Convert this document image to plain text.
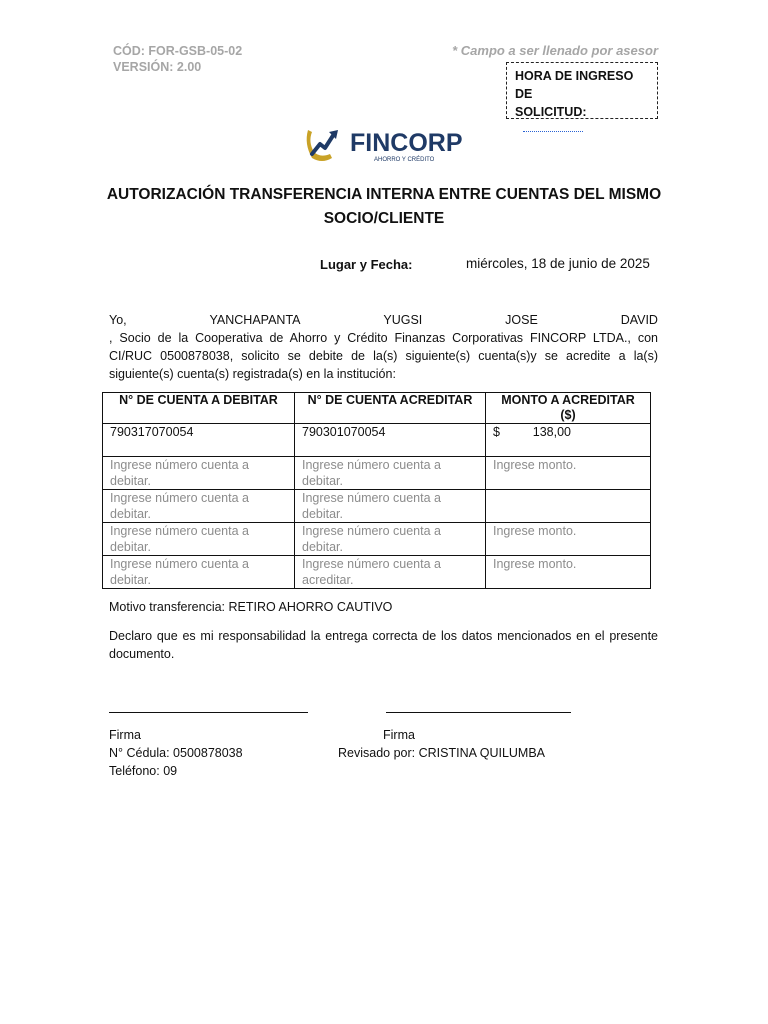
CÓD: FOR-GSB-05-02
VERSIÓN: 2.00
* Campo a ser llenado por asesor
HORA DE INGRESO DE
SOLICITUD:
FINCORP
AHORRO Y CRÉDITO
AUTORIZACIÓN TRANSFERENCIA INTERNA ENTRE CUENTAS DEL MISMO
SOCIO/CLIENTE
Lugar y Fecha:	miércoles, 18 de junio de 2025
Yo,	YANCHAPANTA	YUGSI	JOSE	DAVID
, Socio de la Cooperativa de Ahorro y Crédito Finanzas Corporativas FINCORP LTDA., con CI/RUC 0500878038, solicito se debite de la(s) siguiente(s) cuenta(s)y se acredite a la(s) siguiente(s) cuenta(s) registrada(s) en la institución:
N° DE CUENTA A DEBITAR	N° DE CUENTA ACREDITAR	MONTO A ACREDITAR ($)
790317070054	790301070054	$ 138,00

Ingrese número cuenta a debitar.	Ingrese número cuenta a debitar.	Ingrese monto.
Ingrese número cuenta a debitar.	Ingrese número cuenta a debitar.	
Ingrese número cuenta a debitar.	Ingrese número cuenta a debitar.	Ingrese monto.
Ingrese número cuenta a debitar.	Ingrese número cuenta a acreditar.	Ingrese monto.
Motivo transferencia: RETIRO AHORRO CAUTIVO
Declaro que es mi responsabilidad la entrega correcta de los datos mencionados en el presente documento.
Firma
N° Cédula: 0500878038
Teléfono: 09
Firma
Revisado por: CRISTINA QUILUMBA
